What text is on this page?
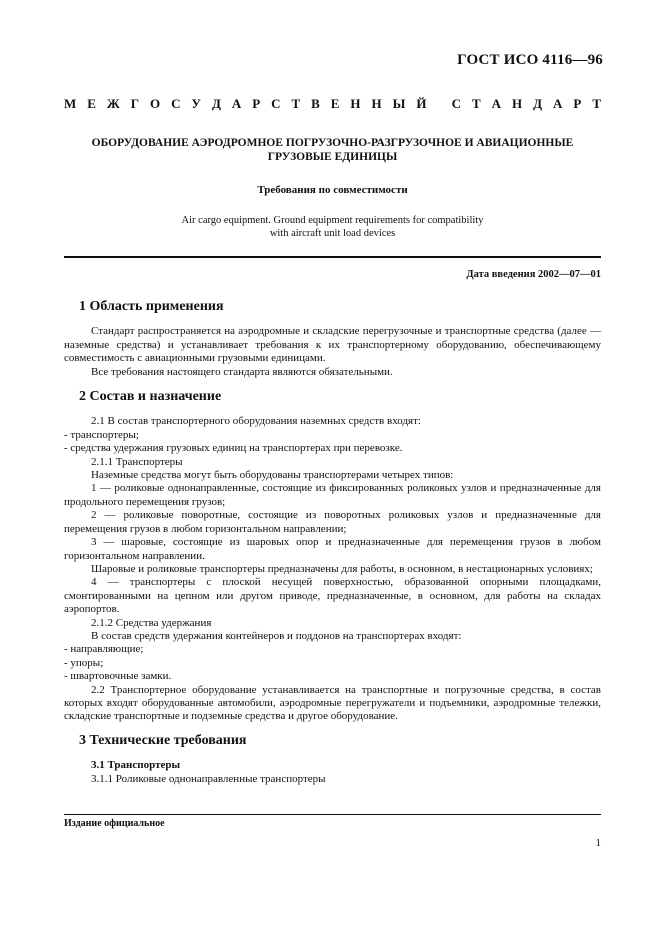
ГОСТ ИСО 4116—96
М Е Ж Г О С У Д А Р С Т В Е Н Н Ы Й
С Т А Н Д А Р Т
ОБОРУДОВАНИЕ АЭРОДРОМНОЕ ПОГРУЗОЧНО-РАЗГРУЗОЧНОЕ И АВИАЦИОННЫЕ
ГРУЗОВЫЕ ЕДИНИЦЫ
Требования по совместимости
Air cargo equipment. Ground equipment requirements for compatibility
with aircraft unit load devices
Дата введения 2002—07—01
1 Область применения

Стандарт распространяется на аэродромные и складские перегрузочные и транспортные средства (далее — наземные средства) и устанавливает требования к их транспортерному оборудованию, обеспечивающему совместимость с авиационными грузовыми единицами.

Все требования настоящего стандарта являются обязательными.

2 Состав и назначение

2.1 В состав транспортерного оборудования наземных средств входят:

- транспортеры;

- средства удержания грузовых единиц на транспортерах при перевозке.

2.1.1 Транспортеры

Наземные средства могут быть оборудованы транспортерами четырех типов:

1 — роликовые однонаправленные, состоящие из фиксированных роликовых узлов и предназначенные для продольного перемещения грузов;

2 — роликовые поворотные, состоящие из поворотных роликовых узлов и предназначенные для перемещения грузов в любом горизонтальном направлении;

3 — шаровые, состоящие из шаровых опор и предназначенные для перемещения грузов в любом горизонтальном направлении.

Шаровые и роликовые транспортеры предназначены для работы, в основном, в нестационарных условиях;

4 — транспортеры с плоской несущей поверхностью, образованной опорными площадками, смонтированными на цепном или другом приводе, предназначенные, в основном, для работы на складах аэропортов.

2.1.2 Средства удержания

В состав средств удержания контейнеров и поддонов на транспортерах входят:

- направляющие;

- упоры;

- швартовочные замки.

2.2 Транспортерное оборудование устанавливается на транспортные и погрузочные средства, в состав которых входят оборудованные автомобили, аэродромные перегружатели и подъемники, аэродромные тележки, складские транспортные и подземные средства и другое оборудование.

3 Технические требования

3.1 Транспортеры

3.1.1 Роликовые однонаправленные транспортеры

Издание официальное
1
